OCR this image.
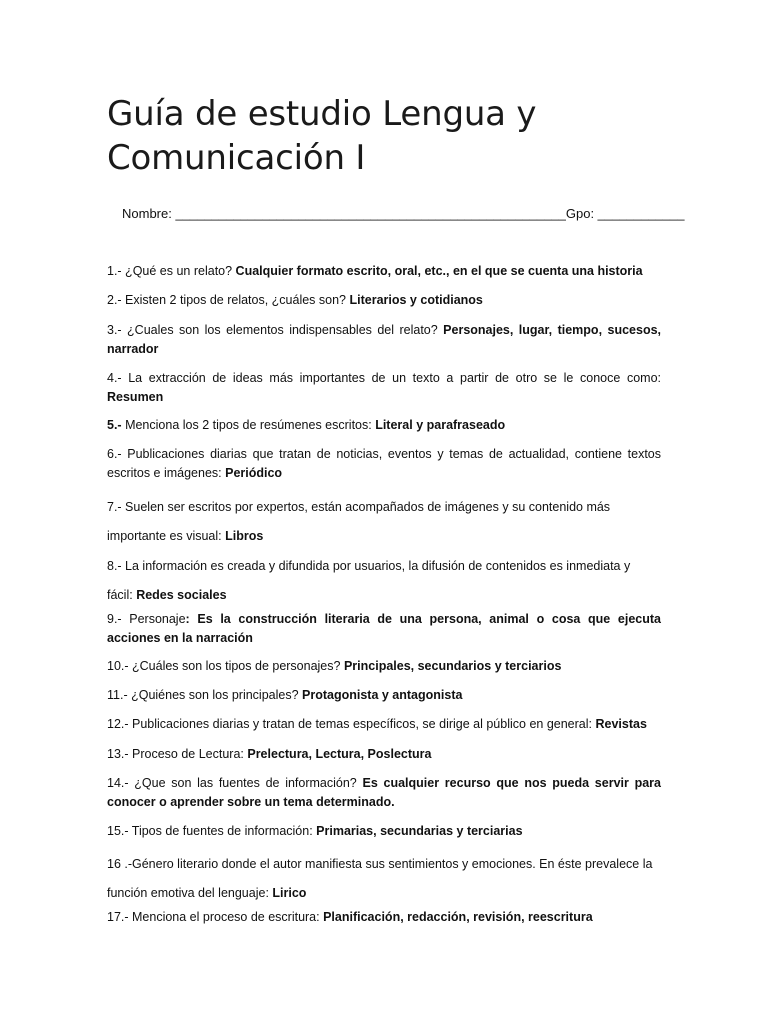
Guía de estudio Lengua y
Comunicación I
Nombre: ______________________________________________________Gpo: ____________

1.- ¿Qué es un relato? Cualquier formato escrito, oral, etc., en el que se cuenta una historia

2.- Existen 2 tipos de relatos, ¿cuáles son? Literarios y cotidianos

3.- ¿Cuales son los elementos indispensables del relato? Personajes, lugar, tiempo, sucesos, narrador

4.- La extracción de ideas más importantes de un texto a partir de otro se le conoce como: Resumen

5.- Menciona los 2 tipos de resúmenes escritos: Literal y parafraseado

6.- Publicaciones diarias que tratan de noticias, eventos y temas de actualidad, contiene textos escritos e imágenes: Periódico

7.- Suelen ser escritos por expertos, están acompañados de imágenes y su contenido más
importante es visual: Libros

8.- La información es creada y difundida por usuarios, la difusión de contenidos es inmediata y
fácil: Redes sociales

9.- Personaje: Es la construcción literaria de una persona, animal o cosa que ejecuta acciones en la narración

10.- ¿Cuáles son los tipos de personajes? Principales, secundarios y terciarios

11.- ¿Quiénes son los principales? Protagonista y antagonista

12.- Publicaciones diarias y tratan de temas específicos, se dirige al público en general: Revistas

13.- Proceso de Lectura: Prelectura, Lectura, Poslectura

14.- ¿Que son las fuentes de información? Es cualquier recurso que nos pueda servir para conocer o aprender sobre un tema determinado.

15.- Tipos de fuentes de información: Primarias, secundarias y terciarias

16 .-Género literario donde el autor manifiesta sus sentimientos y emociones. En éste prevalece la
función emotiva del lenguaje: Lirico

17.- Menciona el proceso de escritura: Planificación, redacción, revisión, reescritura
